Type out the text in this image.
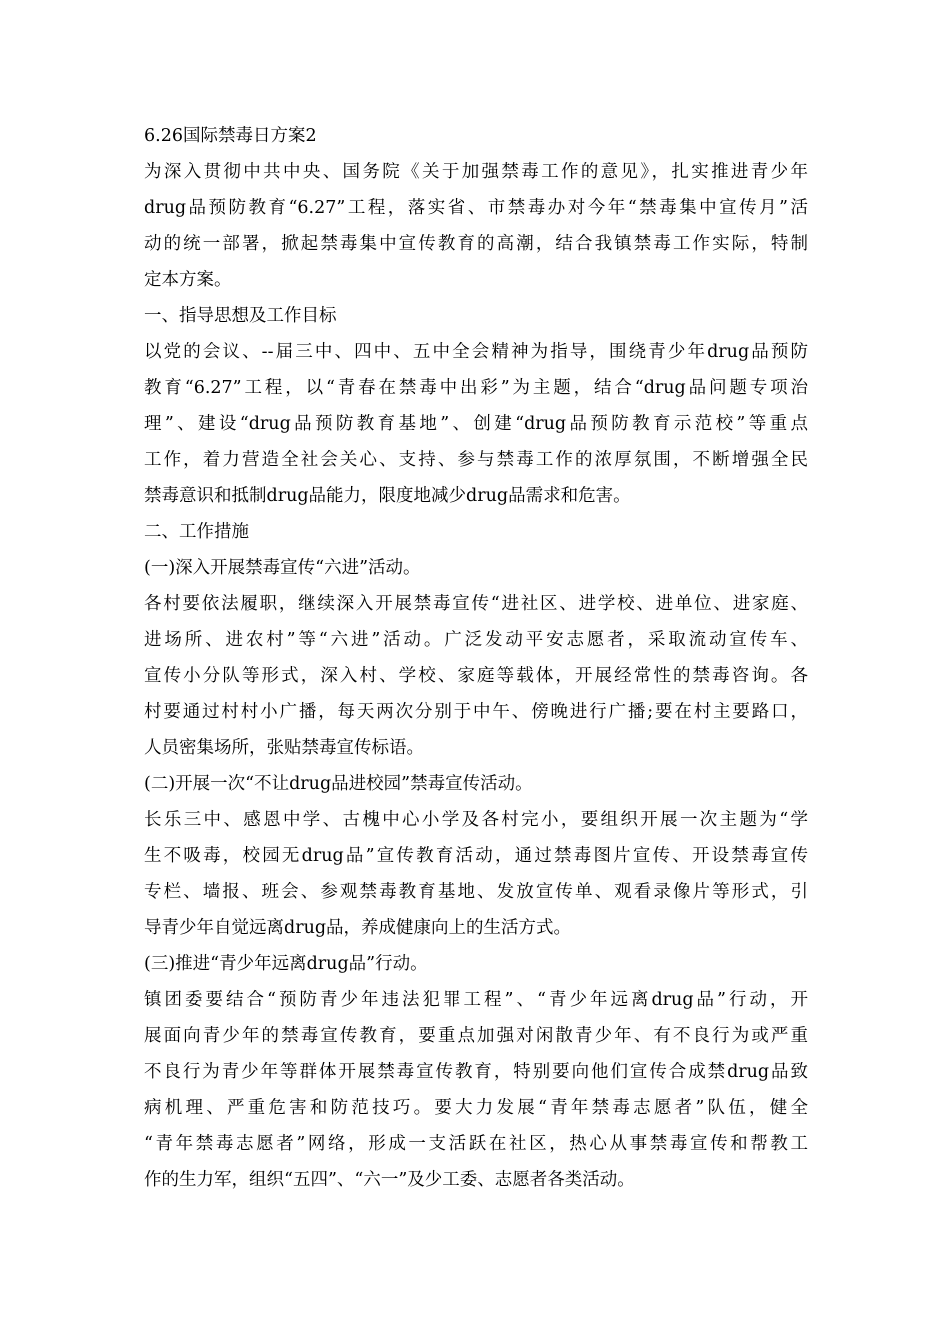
6.26国际禁毒日方案2
为深入贯彻中共中央、国务院《关于加强禁毒工作的意见》，扎实推进青少年
drug品预防教育“6.27”工程，落实省、市禁毒办对今年“禁毒集中宣传月”活
动的统一部署，掀起禁毒集中宣传教育的高潮，结合我镇禁毒工作实际，特制
定本方案。
一、指导思想及工作目标
以党的会议、--届三中、四中、五中全会精神为指导，围绕青少年drug品预防
教育“6.27”工程，以“青春在禁毒中出彩”为主题，结合“drug品问题专项治
理”、建设“drug品预防教育基地”、创建“drug品预防教育示范校”等重点
工作，着力营造全社会关心、支持、参与禁毒工作的浓厚氛围，不断增强全民
禁毒意识和抵制drug品能力，限度地减少drug品需求和危害。
二、工作措施
(一)深入开展禁毒宣传“六进”活动。
各村要依法履职，继续深入开展禁毒宣传“进社区、进学校、进单位、进家庭、
进场所、进农村”等“六进”活动。广泛发动平安志愿者，采取流动宣传车、
宣传小分队等形式，深入村、学校、家庭等载体，开展经常性的禁毒咨询。各
村要通过村村小广播，每天两次分别于中午、傍晚进行广播;要在村主要路口，
人员密集场所，张贴禁毒宣传标语。
(二)开展一次“不让drug品进校园”禁毒宣传活动。
长乐三中、感恩中学、古槐中心小学及各村完小，要组织开展一次主题为“学
生不吸毒，校园无drug品”宣传教育活动，通过禁毒图片宣传、开设禁毒宣传
专栏、墙报、班会、参观禁毒教育基地、发放宣传单、观看录像片等形式，引
导青少年自觉远离drug品，养成健康向上的生活方式。
(三)推进“青少年远离drug品”行动。
镇团委要结合“预防青少年违法犯罪工程”、“青少年远离drug品”行动，开
展面向青少年的禁毒宣传教育，要重点加强对闲散青少年、有不良行为或严重
不良行为青少年等群体开展禁毒宣传教育，特别要向他们宣传合成禁drug品致
病机理、严重危害和防范技巧。要大力发展“青年禁毒志愿者”队伍，健全
“青年禁毒志愿者”网络，形成一支活跃在社区，热心从事禁毒宣传和帮教工
作的生力军，组织“五四”、“六一”及少工委、志愿者各类活动。
